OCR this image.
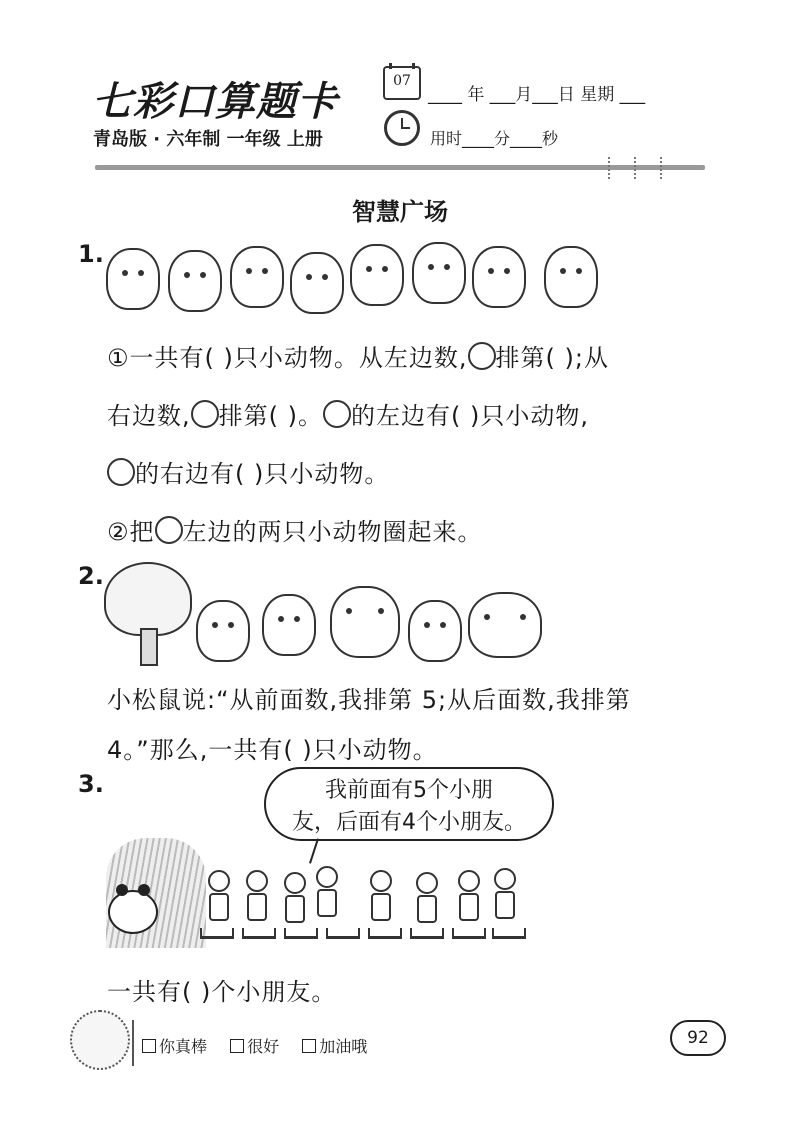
七彩口算题卡	07
____ 年 ___月___日 星期 ___
青岛版 · 六年制 一年级 上册	用时____分____秒
智慧广场
1.
①一共有( )只小动物。从左边数, 排第( );从
右边数, 排第( )。 的左边有( )只小动物,
的右边有( )只小动物。
②把 左边的两只小动物圈起来。
2.
小松鼠说:“从前面数,我排第 5;从后面数,我排第
4。”那么,一共有( )只小动物。
3.	我前面有5个小朋
友，后面有4个小朋友。
一共有( )个小朋友。
你真棒	很好	加油哦	92
